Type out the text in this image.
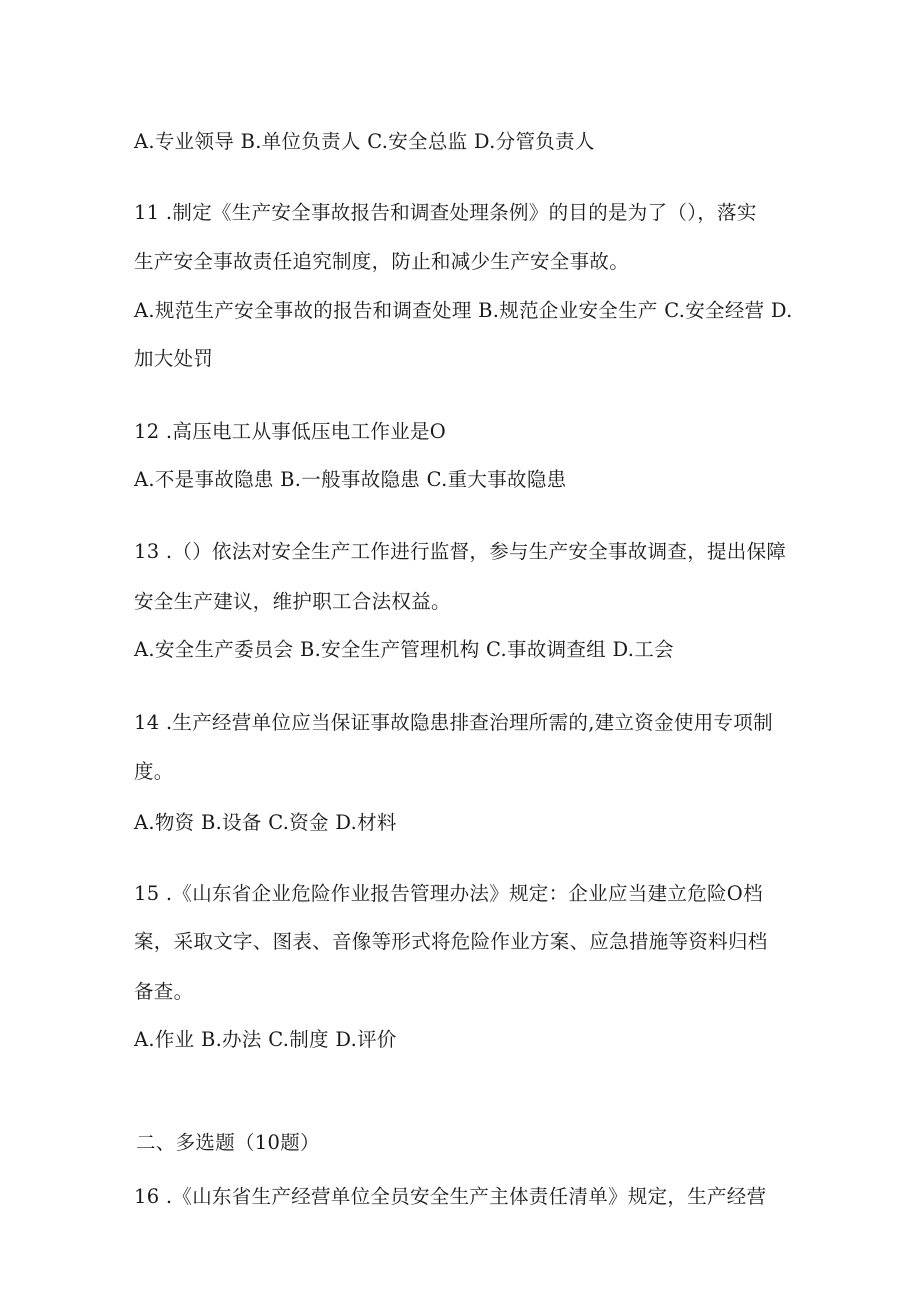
A.专业领导 B.单位负责人 C.安全总监 D.分管负责人
11 .制定《生产安全事故报告和调查处理条例》的目的是为了（），落实
生产安全事故责任追究制度，防止和减少生产安全事故。
A.规范生产安全事故的报告和调查处理 B.规范企业安全生产 C.安全经营 D.
加大处罚
12 .高压电工从事低压电工作业是O
A.不是事故隐患 B.一般事故隐患 C.重大事故隐患
13 .（）依法对安全生产工作进行监督，参与生产安全事故调查，提出保障
安全生产建议，维护职工合法权益。
A.安全生产委员会 B.安全生产管理机构 C.事故调查组 D.工会
14 .生产经营单位应当保证事故隐患排查治理所需的,建立资金使用专项制
度。
A.物资 B.设备 C.资金 D.材料
15 .《山东省企业危险作业报告管理办法》规定：企业应当建立危险O档
案，采取文字、图表、音像等形式将危险作业方案、应急措施等资料归档
备查。
A.作业 B.办法 C.制度 D.评价
二、多选题（10题）
16 .《山东省生产经营单位全员安全生产主体责任清单》规定，生产经营
